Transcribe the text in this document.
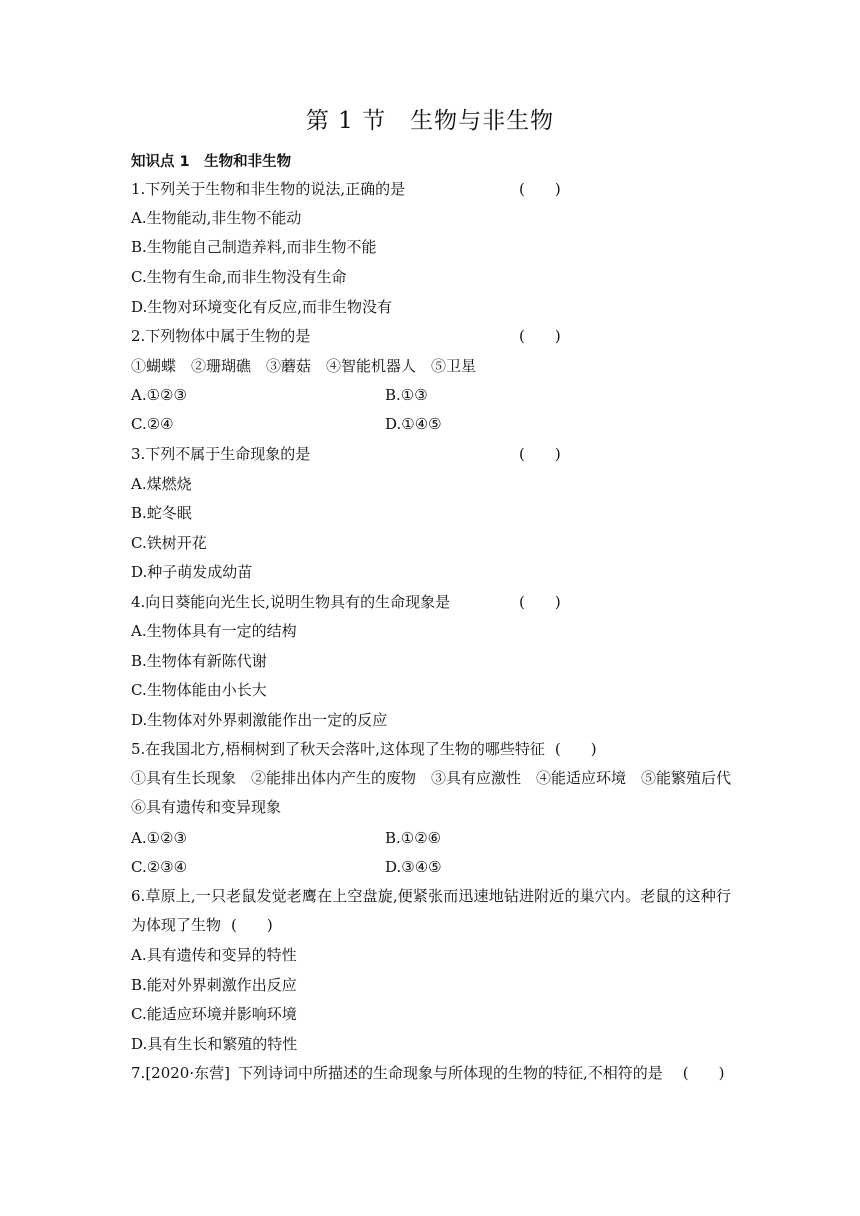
第 1 节　生物与非生物
知识点 1　生物和非生物
1.下列关于生物和非生物的说法,正确的是	(　　)
A.生物能动,非生物不能动
B.生物能自己制造养料,而非生物不能
C.生物有生命,而非生物没有生命
D.生物对环境变化有反应,而非生物没有
2.下列物体中属于生物的是	(　　)
①蝴蝶　②珊瑚礁　③蘑菇　④智能机器人　⑤卫星
A.①②③	B.①③
C.②④	D.①④⑤
3.下列不属于生命现象的是	(　　)
A.煤燃烧
B.蛇冬眠
C.铁树开花
D.种子萌发成幼苗
4.向日葵能向光生长,说明生物具有的生命现象是	(　　)
A.生物体具有一定的结构
B.生物体有新陈代谢
C.生物体能由小长大
D.生物体对外界刺激能作出一定的反应
5.在我国北方,梧桐树到了秋天会落叶,这体现了生物的哪些特征 (　　)
①具有生长现象　②能排出体内产生的废物　③具有应激性　④能适应环境　⑤能繁殖后代　⑥具有遗传和变异现象
A.①②③	B.①②⑥
C.②③④	D.③④⑤
6.草原上,一只老鼠发觉老鹰在上空盘旋,便紧张而迅速地钻进附近的巢穴内。老鼠的这种行为体现了生物 (　　)
A.具有遗传和变异的特性
B.能对外界刺激作出反应
C.能适应环境并影响环境
D.具有生长和繁殖的特性
7.[2020·东营] 下列诗词中所描述的生命现象与所体现的生物的特征,不相符的是 (　　)
